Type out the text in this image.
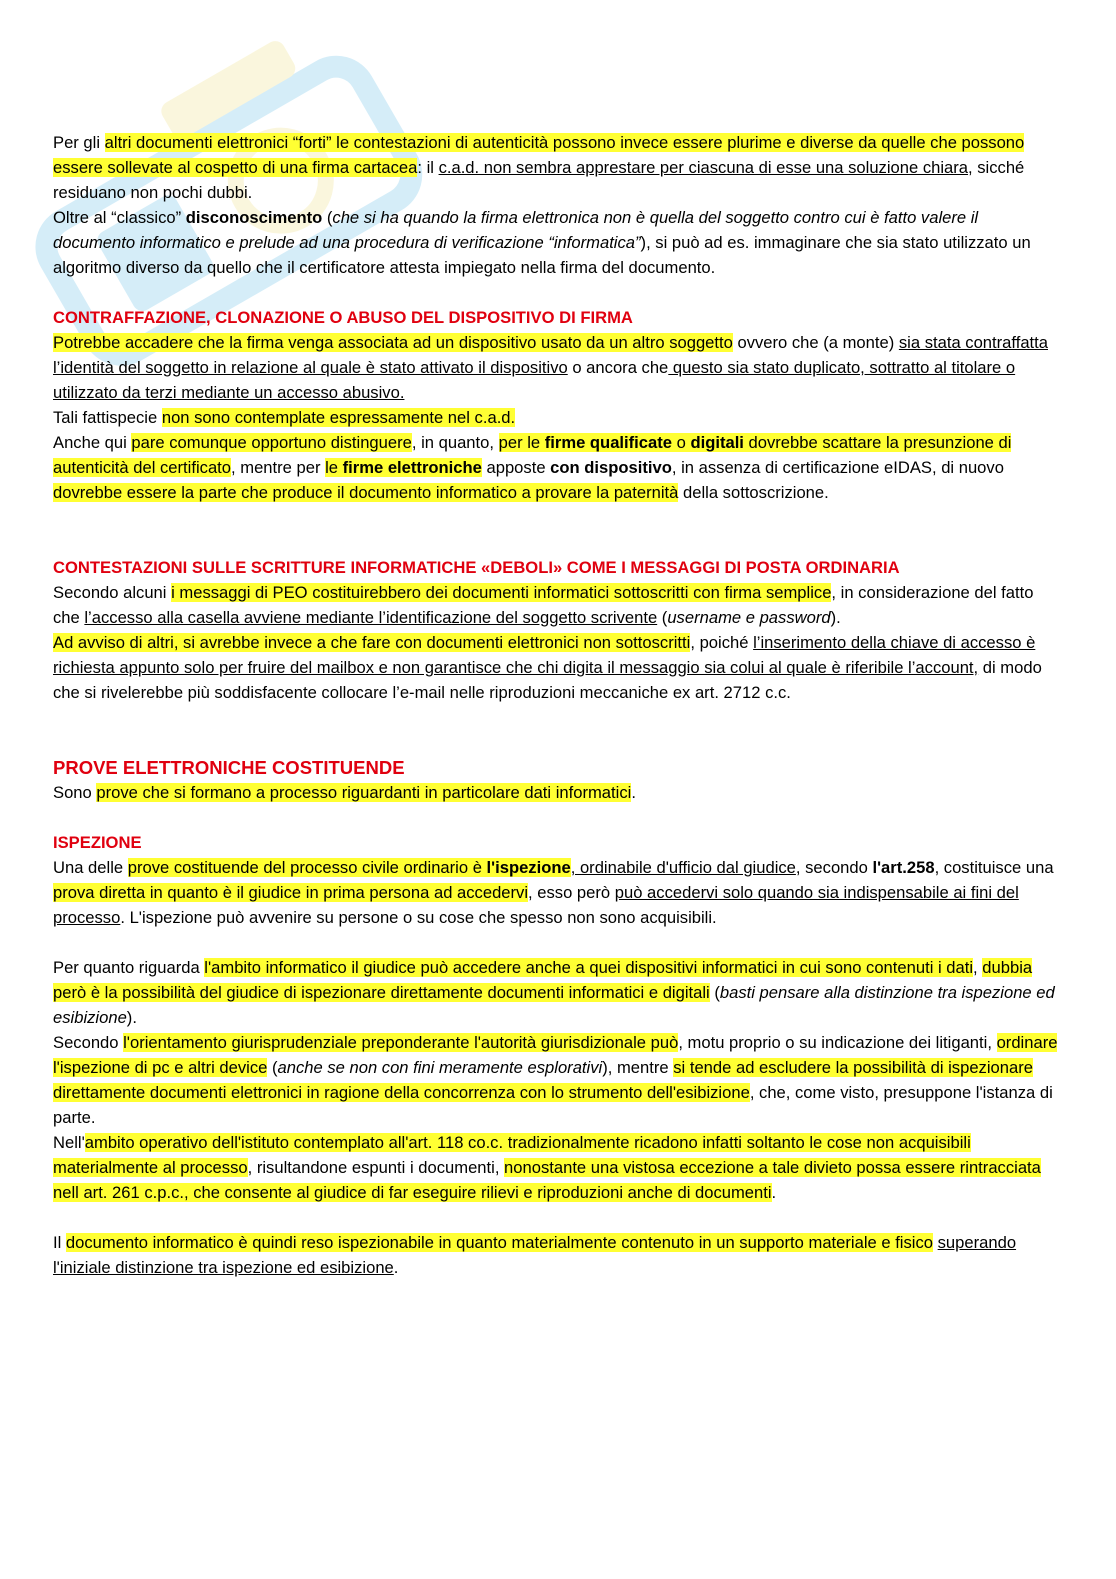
Per gli altri documenti elettronici “forti” le contestazioni di autenticità possono invece essere plurime e diverse da quelle che possono essere sollevate al cospetto di una firma cartacea: il c.a.d. non sembra apprestare per ciascuna di esse una soluzione chiara, sicché residuano non pochi dubbi.

Oltre al “classico” disconoscimento (che si ha quando la firma elettronica non è quella del soggetto contro cui è fatto valere il documento informatico e prelude ad una procedura di verificazione “informatica”), si può ad es. immaginare che sia stato utilizzato un algoritmo diverso da quello che il certificatore attesta impiegato nella firma del documento.

CONTRAFFAZIONE, CLONAZIONE O ABUSO DEL DISPOSITIVO DI FIRMA

Potrebbe accadere che la firma venga associata ad un dispositivo usato da un altro soggetto ovvero che (a monte) sia stata contraffatta l’identità del soggetto in relazione al quale è stato attivato il dispositivo o ancora che questo sia stato duplicato, sottratto al titolare o utilizzato da terzi mediante un accesso abusivo.

Tali fattispecie non sono contemplate espressamente nel c.a.d.

Anche qui pare comunque opportuno distinguere, in quanto, per le firme qualificate o digitali dovrebbe scattare la presunzione di autenticità del certificato, mentre per le firme elettroniche apposte con dispositivo, in assenza di certificazione eIDAS, di nuovo dovrebbe essere la parte che produce il documento informatico a provare la paternità della sottoscrizione.

CONTESTAZIONI SULLE SCRITTURE INFORMATICHE «DEBOLI» COME I MESSAGGI DI POSTA ORDINARIA

Secondo alcuni i messaggi di PEO costituirebbero dei documenti informatici sottoscritti con firma semplice, in considerazione del fatto che l’accesso alla casella avviene mediante l’identificazione del soggetto scrivente (username e password).

Ad avviso di altri, si avrebbe invece a che fare con documenti elettronici non sottoscritti, poiché l’inserimento della chiave di accesso è richiesta appunto solo per fruire del mailbox e non garantisce che chi digita il messaggio sia colui al quale è riferibile l’account, di modo che si rivelerebbe più soddisfacente collocare l’e-mail nelle riproduzioni meccaniche ex art. 2712 c.c.

PROVE ELETTRONICHE COSTITUENDE

Sono prove che si formano a processo riguardanti in particolare dati informatici.

ISPEZIONE

Una delle prove costituende del processo civile ordinario è l'ispezione, ordinabile d'ufficio dal giudice, secondo l'art.258, costituisce una prova diretta in quanto è il giudice in prima persona ad accedervi, esso però può accedervi solo quando sia indispensabile ai fini del processo. L'ispezione può avvenire su persone o su cose che spesso non sono acquisibili.

Per quanto riguarda l'ambito informatico il giudice può accedere anche a quei dispositivi informatici in cui sono contenuti i dati, dubbia però è la possibilità del giudice di ispezionare direttamente documenti informatici e digitali (basti pensare alla distinzione tra ispezione ed esibizione).

Secondo l'orientamento giurisprudenziale preponderante l'autorità giurisdizionale può, motu proprio o su indicazione dei litiganti, ordinare l'ispezione di pc e altri device (anche se non con fini meramente esplorativi), mentre si tende ad escludere la possibilità di ispezionare direttamente documenti elettronici in ragione della concorrenza con lo strumento dell'esibizione, che, come visto, presuppone l'istanza di parte.

Nell'ambito operativo dell'istituto contemplato all'art. 118 co.c. tradizionalmente ricadono infatti soltanto le cose non acquisibili materialmente al processo, risultandone espunti i documenti, nonostante una vistosa eccezione a tale divieto possa essere rintracciata nell art. 261 c.p.c., che consente al giudice di far eseguire rilievi e riproduzioni anche di documenti.

Il documento informatico è quindi reso ispezionabile in quanto materialmente contenuto in un supporto materiale e fisico superando l'iniziale distinzione tra ispezione ed esibizione.
